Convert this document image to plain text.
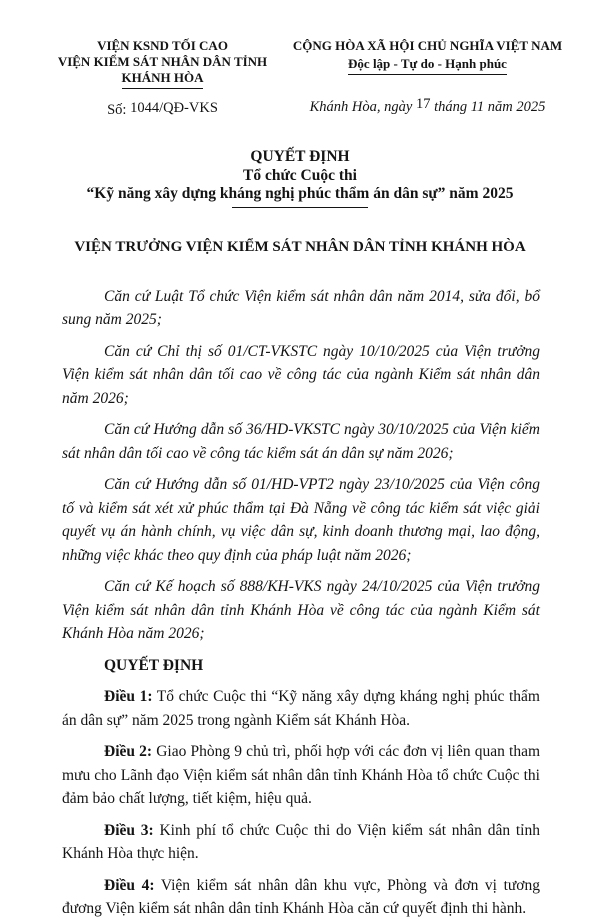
VIỆN KSND TỐI CAO
VIỆN KIỂM SÁT NHÂN DÂN TỈNH
KHÁNH HÒA
Số: 1044/QĐ-VKS
CỘNG HÒA XÃ HỘI CHỦ NGHĨA VIỆT NAM
Độc lập - Tự do - Hạnh phúc
Khánh Hòa, ngày 17 tháng 11 năm 2025
QUYẾT ĐỊNH
Tổ chức Cuộc thi
“Kỹ năng xây dựng kháng nghị phúc thẩm án dân sự” năm 2025
VIỆN TRƯỞNG VIỆN KIỂM SÁT NHÂN DÂN TỈNH KHÁNH HÒA

Căn cứ Luật Tổ chức Viện kiểm sát nhân dân năm 2014, sửa đổi, bổ sung năm 2025;

Căn cứ Chỉ thị số 01/CT-VKSTC ngày 10/10/2025 của Viện trưởng Viện kiểm sát nhân dân tối cao về công tác của ngành Kiểm sát nhân dân năm 2026;

Căn cứ Hướng dẫn số 36/HD-VKSTC ngày 30/10/2025 của Viện kiểm sát nhân dân tối cao về công tác kiểm sát án dân sự năm 2026;

Căn cứ Hướng dẫn số 01/HD-VPT2 ngày 23/10/2025 của Viện công tố và kiểm sát xét xử phúc thẩm tại Đà Nẵng về công tác kiểm sát việc giải quyết vụ án hành chính, vụ việc dân sự, kinh doanh thương mại, lao động, những việc khác theo quy định của pháp luật năm 2026;

Căn cứ Kế hoạch số 888/KH-VKS ngày 24/10/2025 của Viện trưởng Viện kiểm sát nhân dân tỉnh Khánh Hòa về công tác của ngành Kiểm sát Khánh Hòa năm 2026;

QUYẾT ĐỊNH

Điều 1: Tổ chức Cuộc thi “Kỹ năng xây dựng kháng nghị phúc thẩm án dân sự” năm 2025 trong ngành Kiểm sát Khánh Hòa.

Điều 2: Giao Phòng 9 chủ trì, phối hợp với các đơn vị liên quan tham mưu cho Lãnh đạo Viện kiểm sát nhân dân tỉnh Khánh Hòa tổ chức Cuộc thi đảm bảo chất lượng, tiết kiệm, hiệu quả.

Điều 3: Kinh phí tổ chức Cuộc thi do Viện kiểm sát nhân dân tỉnh Khánh Hòa thực hiện.

Điều 4: Viện kiểm sát nhân dân khu vực, Phòng và đơn vị tương đương Viện kiểm sát nhân dân tỉnh Khánh Hòa căn cứ quyết định thi hành.
